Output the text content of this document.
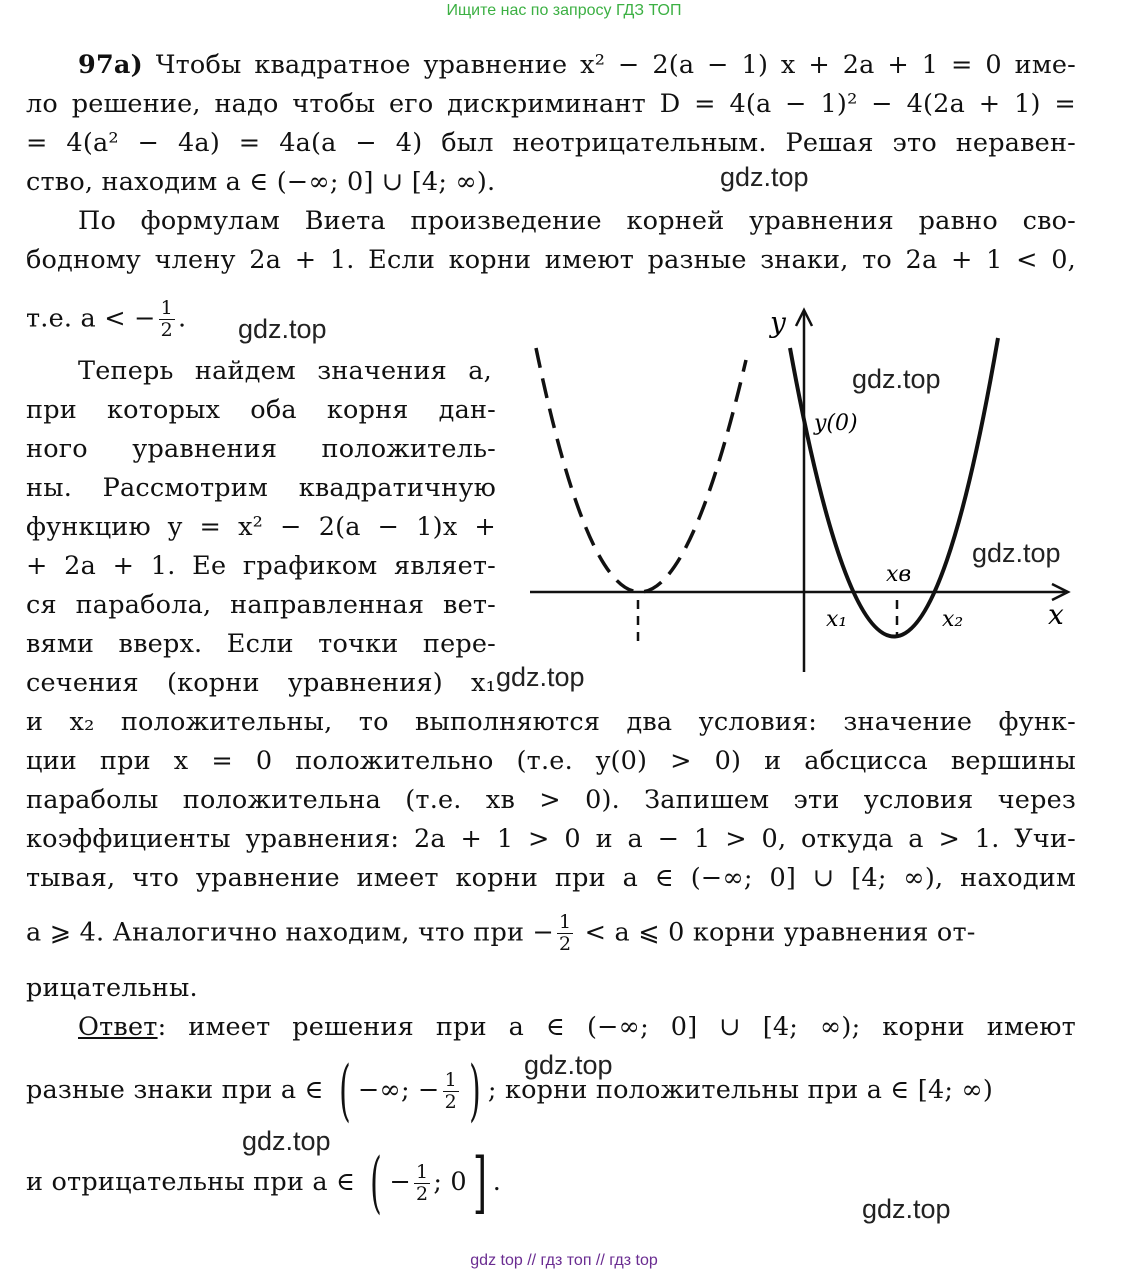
Ищите нас по запросу ГДЗ ТОП
97а) Чтобы квадратное уравнение x² − 2(a − 1) x + 2a + 1 = 0 име-
ло решение, надо чтобы его дискриминант D = 4(a − 1)² − 4(2a + 1) =
= 4(a² − 4a) = 4a(a − 4) был неотрицательным. Решая это неравен-
ство, находим a ∈ (−∞; 0] ∪ [4; ∞).
По формулам Виета произведение корней уравнения равно сво-
бодному члену 2a + 1. Если корни имеют разные знаки, то 2a + 1 < 0,
т.е. a < − $\frac{1}{2}$ .
Теперь найдем значения a,
при которых оба корня дан-
ного уравнения положитель-
ны. Рассмотрим квадратичную
функцию y = x² − 2(a − 1)x +
+ 2a + 1. Ее графиком являет-
ся парабола, направленная вет-
вями вверх. Если точки пере-
сечения (корни уравнения) x₁
и x₂ положительны, то выполняются два условия: значение функ-
ции при x = 0 положительно (т.е. y(0) > 0) и абсцисса вершины
параболы положительна (т.е. xв > 0). Запишем эти условия через
коэффициенты уравнения: 2a + 1 > 0 и a − 1 > 0, откуда a > 1. Учи-
тывая, что уравнение имеет корни при a ∈ (−∞; 0] ∪ [4; ∞), находим
a ⩾ 4. Аналогично находим, что при − $\frac{1}{2} < a$ ⩽ 0 корни уравнения от-
рицательны.
Ответ: имеет решения при a ∈ (−∞; 0] ∪ [4; ∞); корни имеют
разные знаки при a ∈ ( −∞; − $\frac{1}{2}$ ) ; корни положительны при a ∈ [4; ∞)
и отрицательны при a ∈ ( − $\frac{1}{2}$ ; 0] .
y
x
y(0)
x₁	x₂
xв
gdz.top
gdz.top
gdz.top
gdz.top
gdz.top
gdz.top
gdz.top
gdz.top
gdz top // гдз топ // гдз top
